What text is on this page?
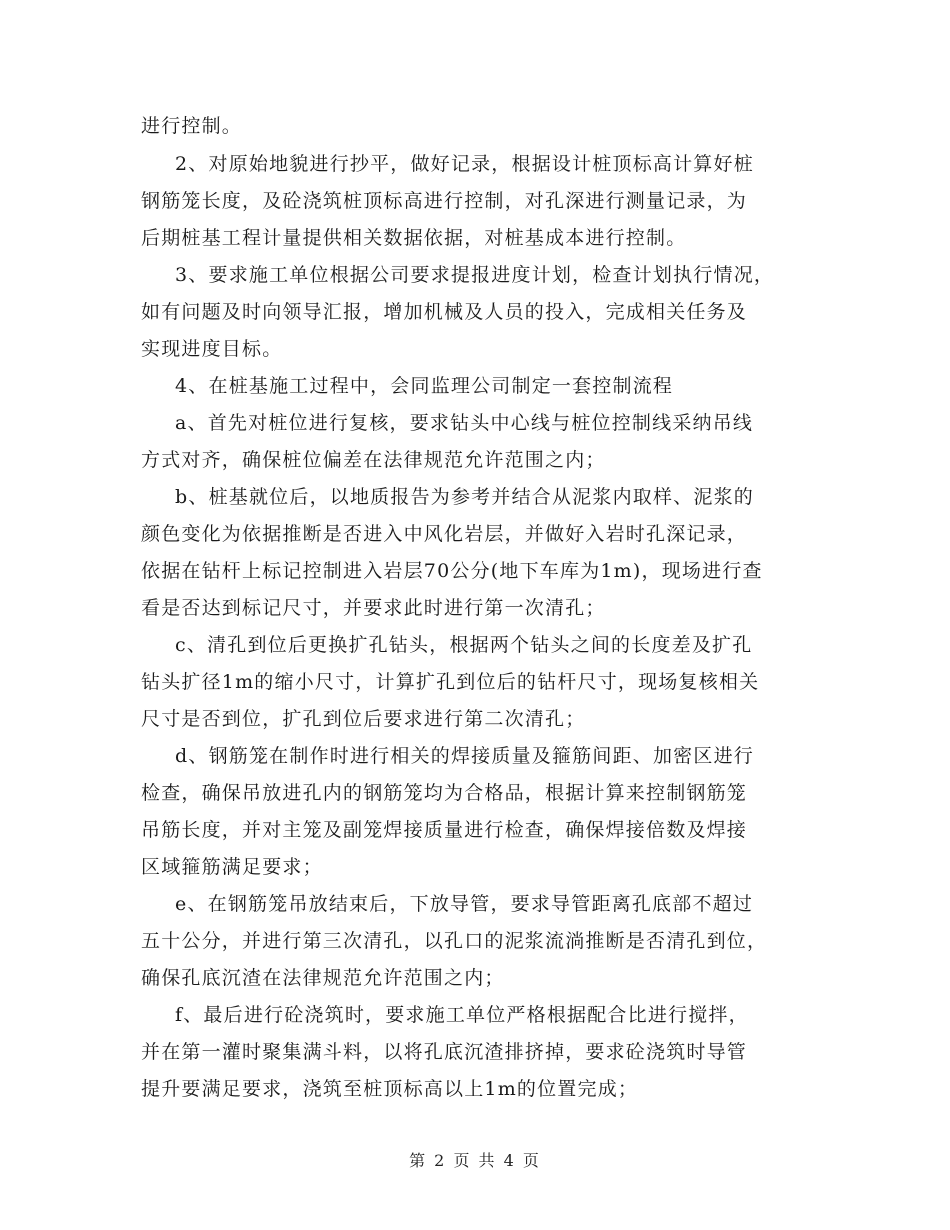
进行控制。
2、对原始地貌进行抄平，做好记录，根据设计桩顶标高计算好桩
钢筋笼长度，及砼浇筑桩顶标高进行控制，对孔深进行测量记录，为
后期桩基工程计量提供相关数据依据，对桩基成本进行控制。
3、要求施工单位根据公司要求提报进度计划，检查计划执行情况，
如有问题及时向领导汇报，增加机械及人员的投入，完成相关任务及
实现进度目标。
4、在桩基施工过程中，会同监理公司制定一套控制流程
a、首先对桩位进行复核，要求钻头中心线与桩位控制线采纳吊线
方式对齐，确保桩位偏差在法律规范允许范围之内；
b、桩基就位后，以地质报告为参考并结合从泥浆内取样、泥浆的
颜色变化为依据推断是否进入中风化岩层，并做好入岩时孔深记录，
依据在钻杆上标记控制进入岩层70公分(地下车库为1m)，现场进行查
看是否达到标记尺寸，并要求此时进行第一次清孔；
c、清孔到位后更换扩孔钻头，根据两个钻头之间的长度差及扩孔
钻头扩径1m的缩小尺寸，计算扩孔到位后的钻杆尺寸，现场复核相关
尺寸是否到位，扩孔到位后要求进行第二次清孔；
d、钢筋笼在制作时进行相关的焊接质量及箍筋间距、加密区进行
检查，确保吊放进孔内的钢筋笼均为合格品，根据计算来控制钢筋笼
吊筋长度，并对主笼及副笼焊接质量进行检查，确保焊接倍数及焊接
区域箍筋满足要求；
e、在钢筋笼吊放结束后，下放导管，要求导管距离孔底部不超过
五十公分，并进行第三次清孔，以孔口的泥浆流淌推断是否清孔到位，
确保孔底沉渣在法律规范允许范围之内；
f、最后进行砼浇筑时，要求施工单位严格根据配合比进行搅拌，
并在第一灌时聚集满斗料，以将孔底沉渣排挤掉，要求砼浇筑时导管
提升要满足要求，浇筑至桩顶标高以上1m的位置完成；
第 2 页 共 4 页
